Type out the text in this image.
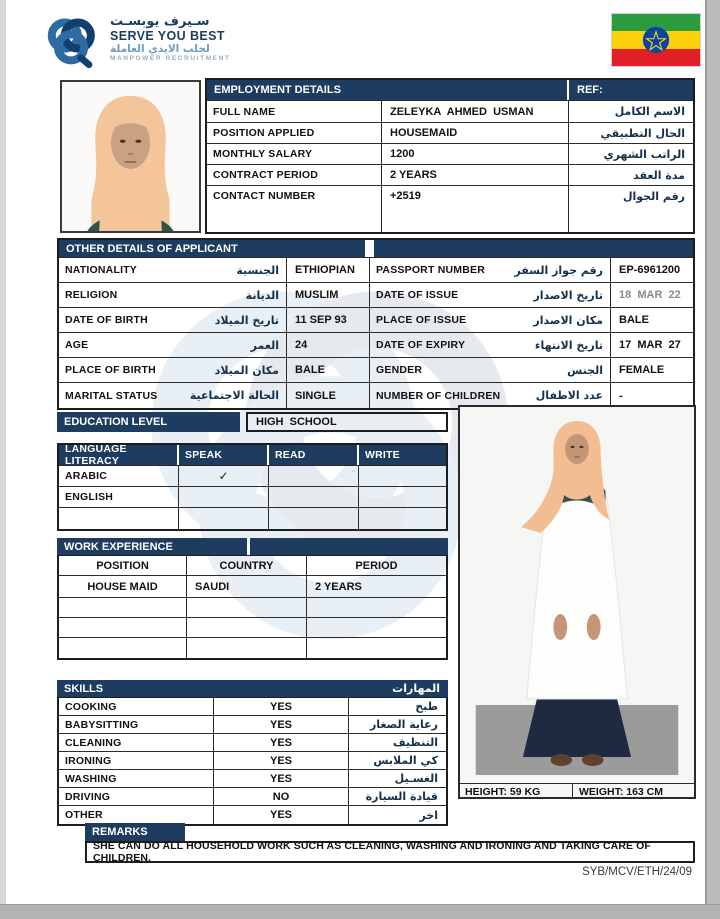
سـيرف يوبسـت
SERVE YOU BEST
لجلب الايدي العاملة
MANPOWER RECRUITMENT
EMPLOYMENT DETAILS	REF:
FULL NAME	ZELEYKA  AHMED  USMAN	الاسم الكامل
POSITION APPLIED	HOUSEMAID	الحال التطبيقي
MONTHLY SALARY	1200	الراتب الشهري
CONTRACT PERIOD	2 YEARS	مدة العقد
CONTACT NUMBER	+2519	رقم الجوال
OTHER DETAILS OF APPLICANT
NATIONALITY	الجنسية	ETHIOPIAN	PASSPORT NUMBER	رقم جواز السفر	EP-6961200
RELIGION	الديانة	MUSLIM	DATE OF ISSUE	تاريخ الاصدار	18  MAR  22
DATE OF BIRTH	تاريخ الميلاد	11 SEP 93	PLACE OF ISSUE	مكان الاصدار	BALE
AGE	العمر	24	DATE OF EXPIRY	تاريخ الانتهاء	17  MAR  27
PLACE OF BIRTH	مكان الميلاد	BALE	GENDER	الجنس	FEMALE
MARITAL STATUS	الحالة الاجتماعية	SINGLE	NUMBER OF CHILDREN	عدد الاطفال	-
EDUCATION LEVEL	HIGH  SCHOOL
LANGUAGE LITERACY	SPEAK	READ	WRITE
ARABIC	✓
ENGLISH
WORK EXPERIENCE
POSITION	COUNTRY	PERIOD
HOUSE MAID	SAUDI	2 YEARS
SKILLS	المهارات
COOKING	YES	طبخ
BABYSITTING	YES	رعاية الصغار
CLEANING	YES	التنظيف
IRONING	YES	كي الملابس
WASHING	YES	الغسـيل
DRIVING	NO	قيادة السيارة
OTHER	YES	اخر
HEIGHT: 59 KG	WEIGHT: 163 CM
REMARKS
SHE CAN DO ALL HOUSEHOLD WORK SUCH AS CLEANING, WASHING AND IRONING AND TAKING CARE OF CHILDREN.
SYB/MCV/ETH/24/09
